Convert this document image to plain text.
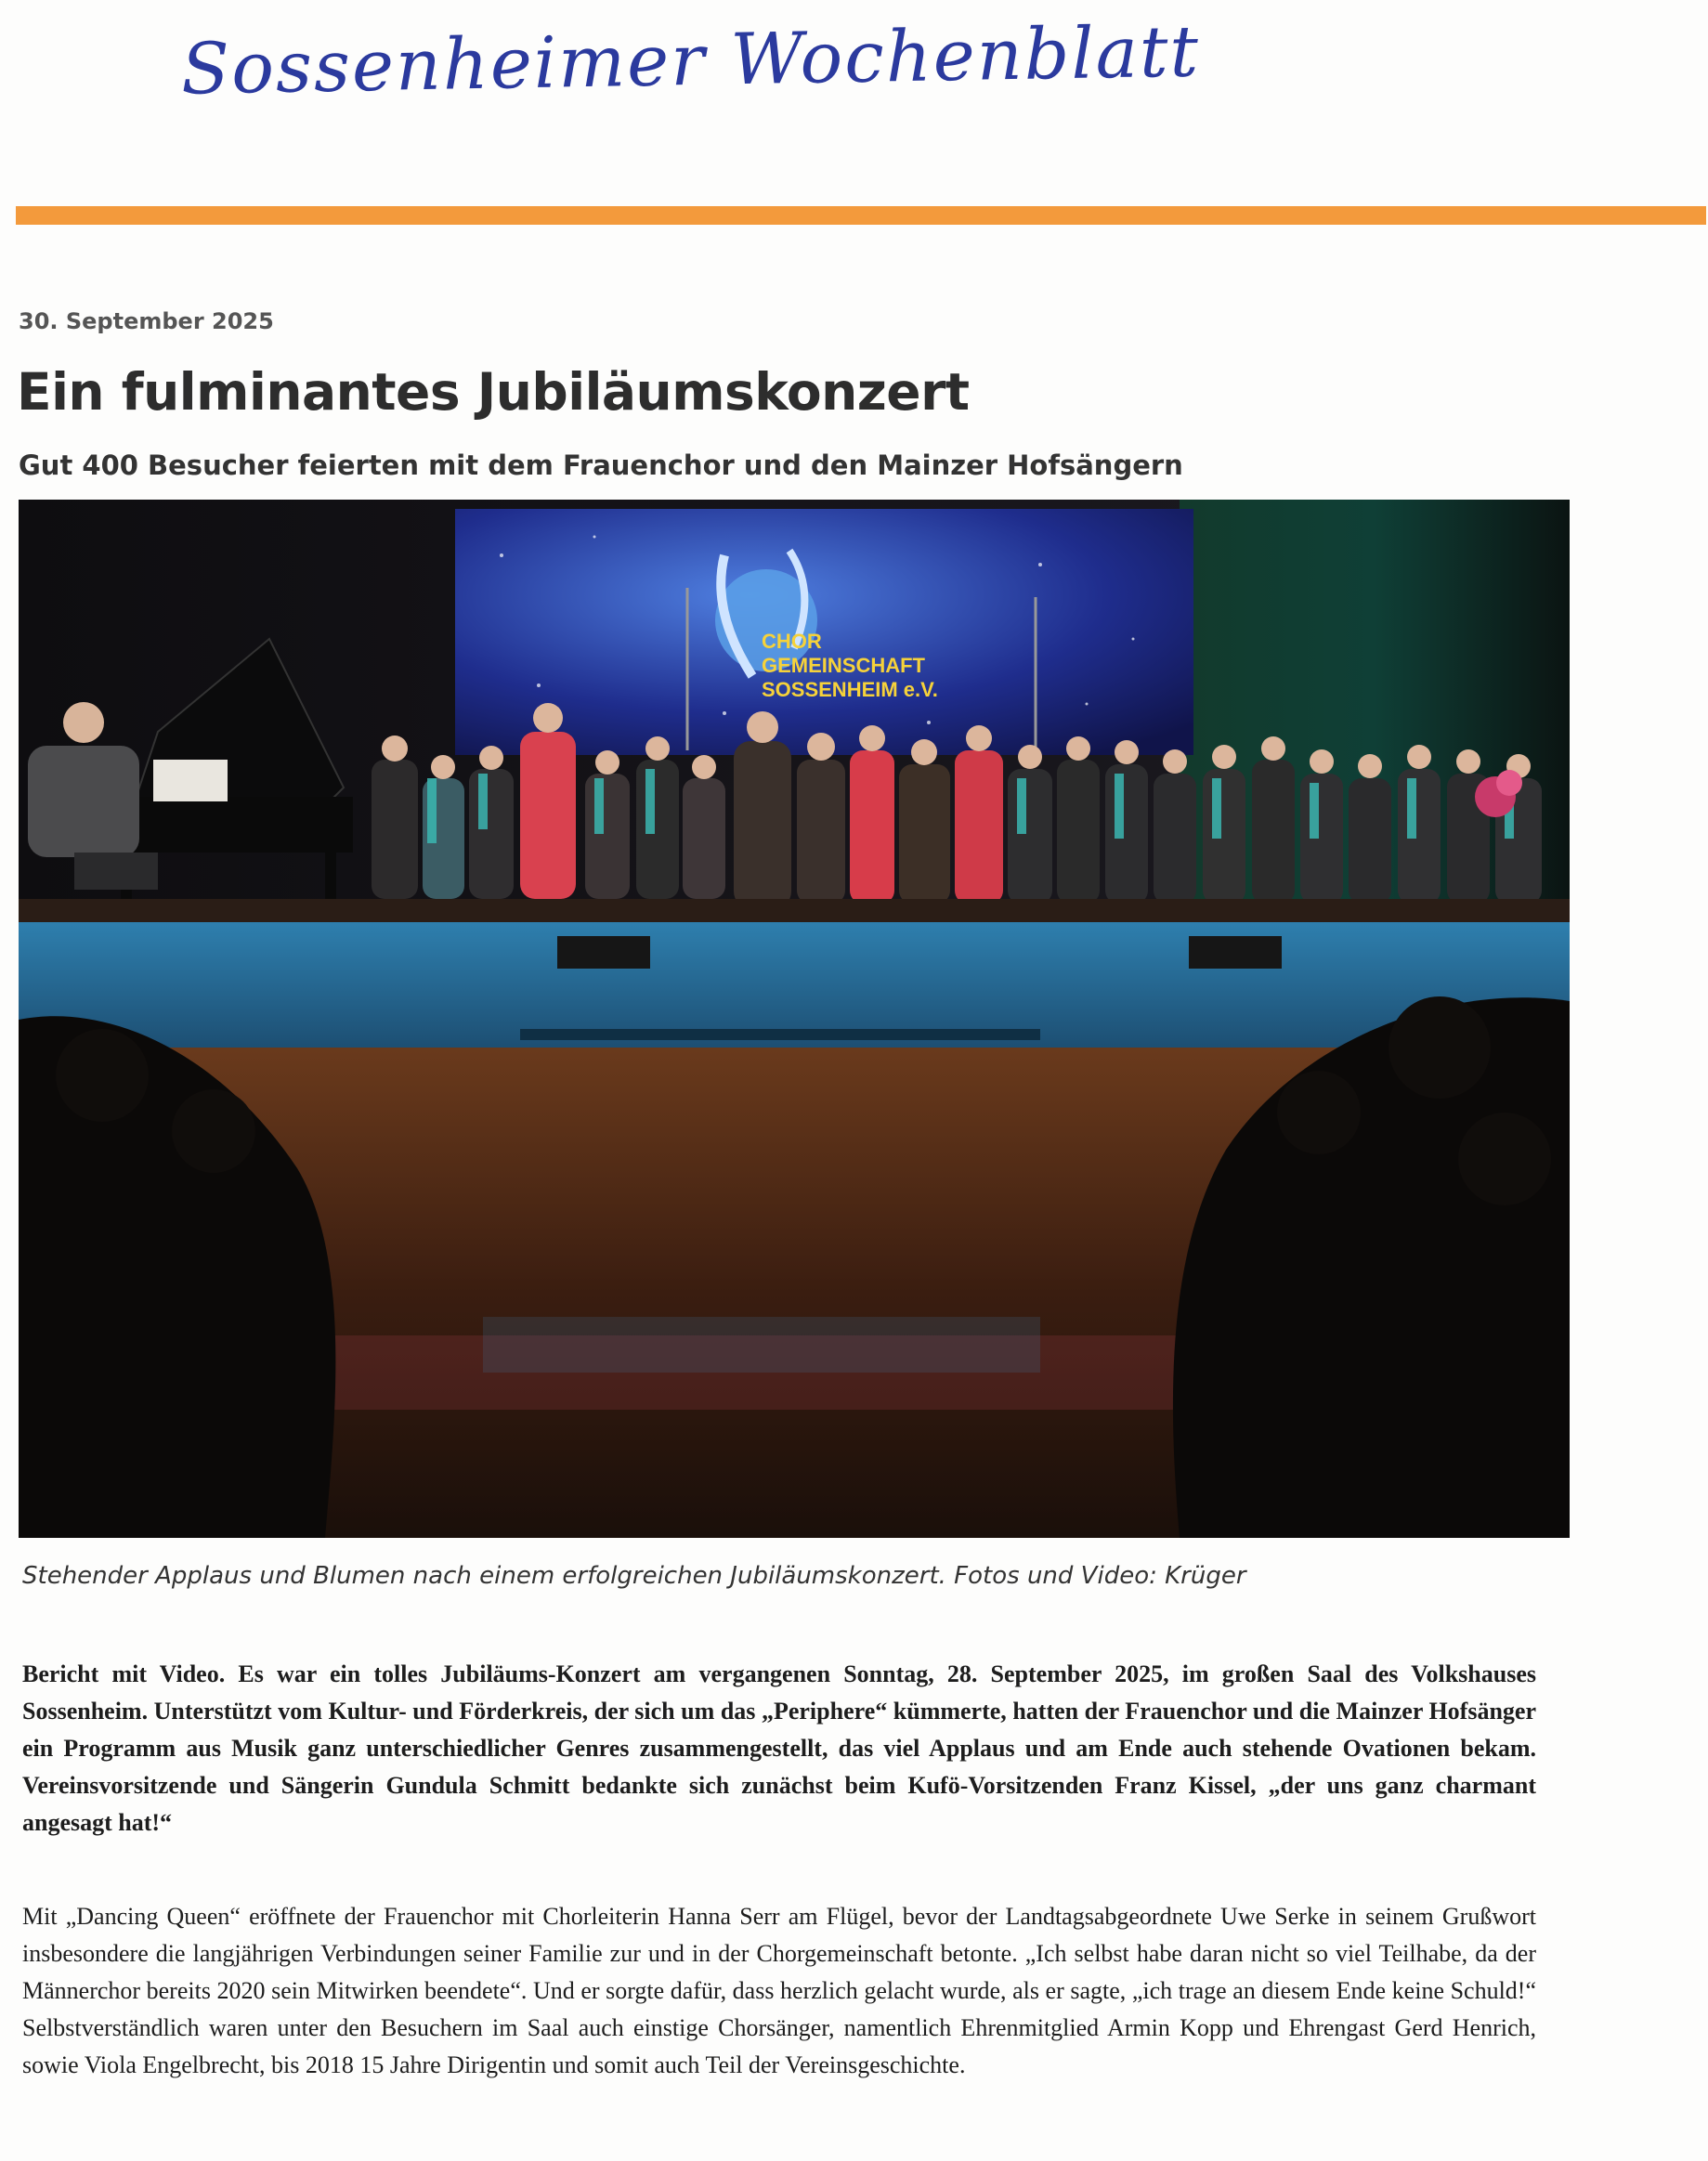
Sossenheimer Wochenblatt
30. September 2025
Ein fulminantes Jubiläumskonzert
Gut 400 Besucher feierten mit dem Frauenchor und den Mainzer Hofsängern
CHOR
GEMEINSCHAFT
SOSSENHEIM e.V.
Stehender Applaus und Blumen nach einem erfolgreichen Jubiläumskonzert. Fotos und Video: Krüger

Bericht mit Video. Es war ein tolles Jubiläums-Konzert am vergangenen Sonntag, 28. September 2025, im großen Saal des Volkshauses Sossenheim. Unterstützt vom Kultur- und Förderkreis, der sich um das „Periphere“ kümmerte, hatten der Frauenchor und die Mainzer Hofsänger ein Programm aus Musik ganz unterschiedlicher Genres zusammengestellt, das viel Applaus und am Ende auch stehende Ovationen bekam. Vereinsvorsitzende und Sängerin Gundula Schmitt bedankte sich zunächst beim Kufö-Vorsitzenden Franz Kissel, „der uns ganz charmant angesagt hat!“

Mit „Dancing Queen“ eröffnete der Frauenchor mit Chorleiterin Hanna Serr am Flügel, bevor der Landtagsabgeordnete Uwe Serke in seinem Grußwort insbesondere die langjährigen Verbindungen seiner Familie zur und in der Chorgemeinschaft betonte. „Ich selbst habe daran nicht so viel Teilhabe, da der Männerchor bereits 2020 sein Mitwirken beendete“. Und er sorgte dafür, dass herzlich gelacht wurde, als er sagte, „ich trage an diesem Ende keine Schuld!“ Selbstverständlich waren unter den Besuchern im Saal auch einstige Chorsänger, namentlich Ehrenmitglied Armin Kopp und Ehrengast Gerd Henrich, sowie Viola Engelbrecht, bis 2018 15 Jahre Dirigentin und somit auch Teil der Vereinsgeschichte.
